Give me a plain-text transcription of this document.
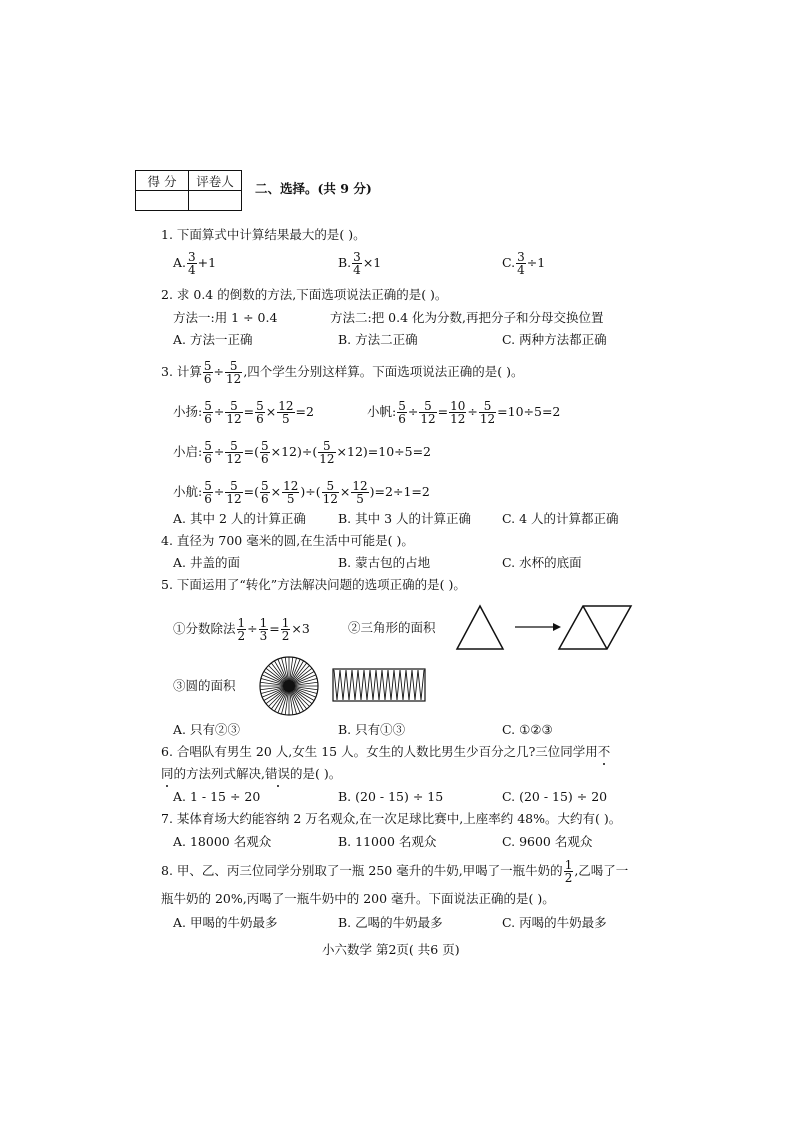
得 分	评卷人
	二、选择。(共 9 分)
1. 下面算式中计算结果最大的是( )。
A. $\frac{3}{4} +1$	B. $\frac{3}{4} \times 1$	C. $\frac{3}{4} \div 1$
2. 求 0.4 的倒数的方法,下面选项说法正确的是( )。
方法一:用 1 ÷ 0.4	方法二:把 0.4 化为分数,再把分子和分母交换位置
A. 方法一正确	B. 方法二正确	C. 两种方法都正确
3. 计算 $\frac{5}{6} \div \frac{5}{12}$ ,四个学生分别这样算。下面选项说法正确的是( )。
小扬: $\frac{5}{6} \div \frac{5}{12} = \frac{5}{6} \times \frac{12}{5} =2$	小帆: $\frac{5}{6} \div \frac{5}{12} = \frac{10}{12} \div \frac{5}{12} =10\div 5=2$
小启: $\frac{5}{6} \div \frac{5}{12}$ =( $\frac{5}{6} \times 12)\div( \frac{5}{12} \times 12)=10\div 5=2$
小航: $\frac{5}{6} \div \frac{5}{12}$ =( $\frac{5}{6} \times \frac{12}{5}$ )÷( $\frac{5}{12} \times \frac{12}{5} )=2\div 1=2$
A. 其中 2 人的计算正确	B. 其中 3 人的计算正确 C. 4 人的计算都正确
4. 直径为 700 毫米的圆,在生活中可能是( )。
A. 井盖的面	B. 蒙古包的占地	C. 水杯的底面
5. 下面运用了“转化”方法解决问题的选项正确的是( )。
①分数除法 $\frac{1}{2} \div \frac{1}{3} = \frac{1}{2} \times 3$	②三角形的面积
③圆的面积
A. 只有②③	B. 只有①③	C. ①②③
6. 合唱队有男生 20 人,女生 15 人。女生的人数比男生少百分之几?三位同学用不
同的方法列式解决,错误的是( )。
A. 1 - 15 ÷ 20	B. (20 - 15) ÷ 15	C. (20 - 15) ÷ 20
7. 某体育场大约能容纳 2 万名观众,在一次足球比赛中,上座率约 48%。大约有( )。
A. 18000 名观众	B. 11000 名观众	C. 9600 名观众
8. 甲、乙、丙三位同学分别取了一瓶 250 毫升的牛奶,甲喝了一瓶牛奶的 $\frac{1}{2}$ ,乙喝了一
瓶牛奶的 20%,丙喝了一瓶牛奶中的 200 毫升。下面说法正确的是( )。
A. 甲喝的牛奶最多	B. 乙喝的牛奶最多	C. 丙喝的牛奶最多
小六数学 第2页( 共6 页)
